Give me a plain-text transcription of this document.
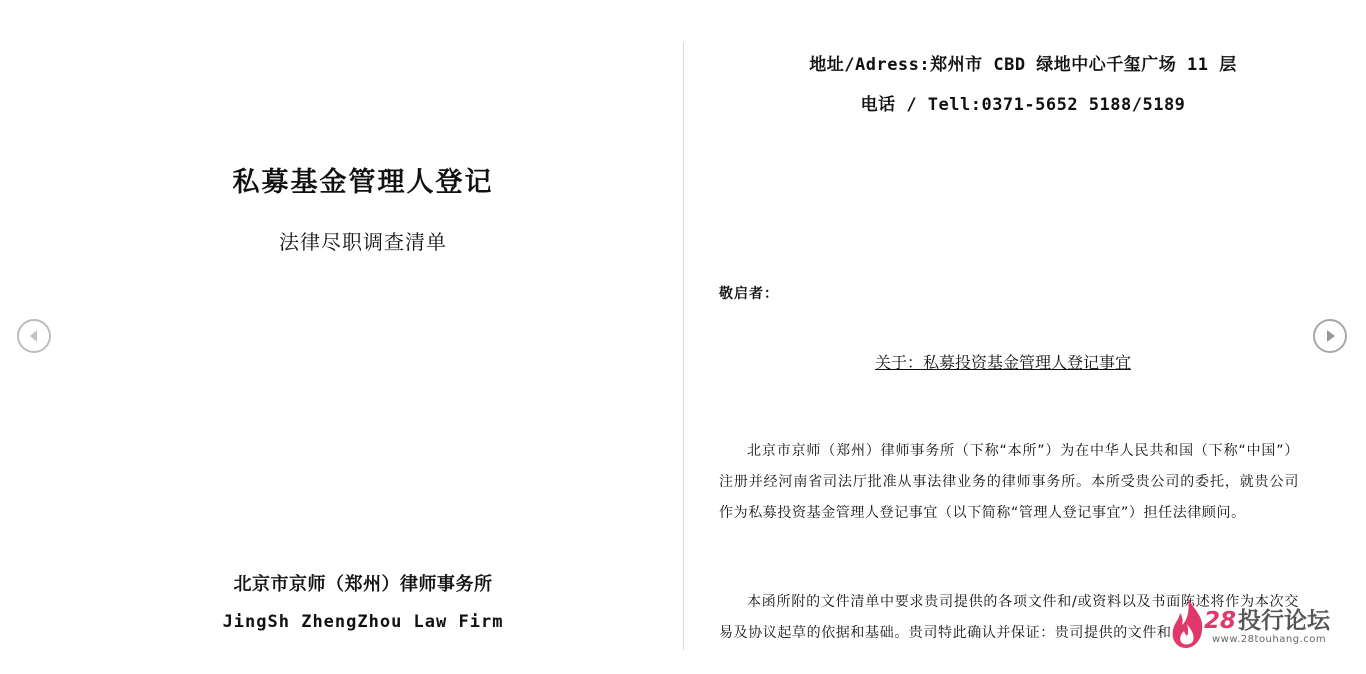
私募基金管理人登记
法律尽职调查清单
北京市京师（郑州）律师事务所
JingSh ZhengZhou Law Firm
地址/Adress:郑州市 CBD 绿地中心千玺广场 11 层
电话 / Tell:0371-5652 5188/5189
敬启者：
关于：私募投资基金管理人登记事宜
北京市京师（郑州）律师事务所（下称“本所”）为在中华人民共和国（下称“中国”）注册并经河南省司法厅批准从事法律业务的律师事务所。本所受贵公司的委托，就贵公司作为私募投资基金管理人登记事宜（以下简称“管理人登记事宜”）担任法律顾问。
本函所附的文件清单中要求贵司提供的各项文件和/或资料以及书面陈述将作为本次交易及协议起草的依据和基础。贵司特此确认并保证：贵司提供的文件和	28投行论坛
www.28touhang.com
